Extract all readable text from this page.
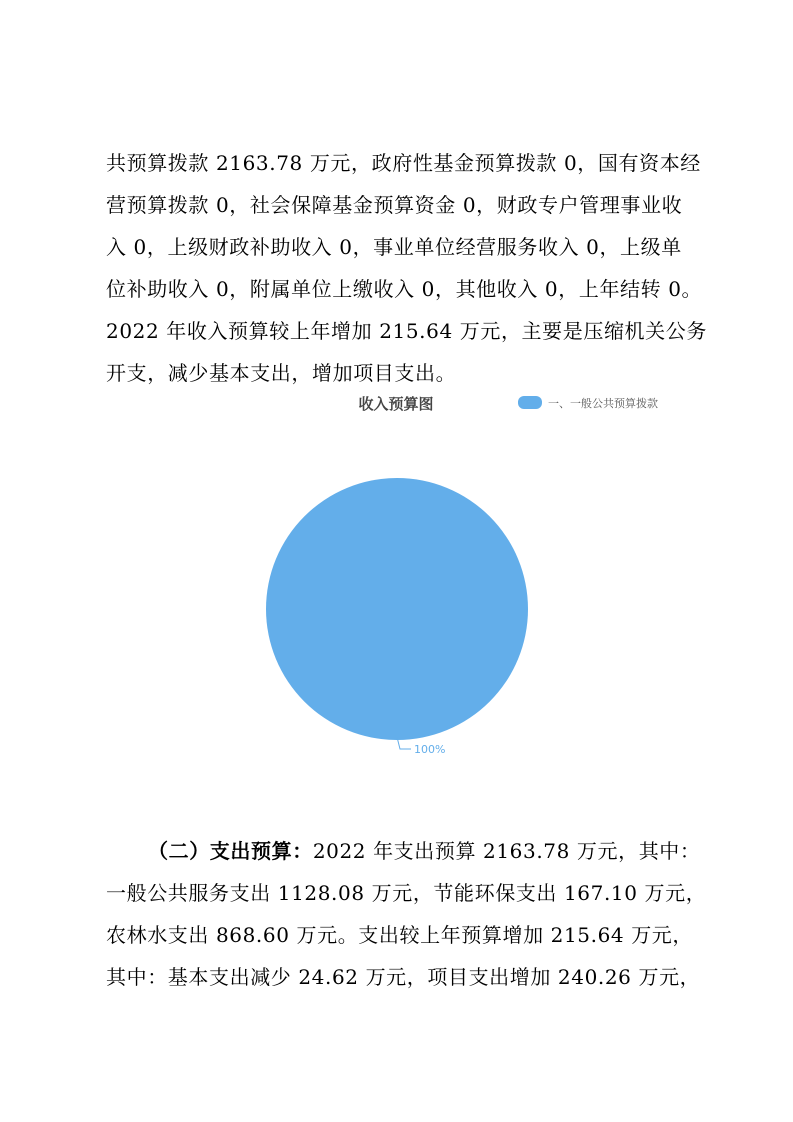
共预算拨款 2163.78 万元，政府性基金预算拨款 0，国有资本经
营预算拨款 0，社会保障基金预算资金 0，财政专户管理事业收
入 0，上级财政补助收入 0，事业单位经营服务收入 0，上级单
位补助收入 0，附属单位上缴收入 0，其他收入 0，上年结转 0。
2022 年收入预算较上年增加 215.64 万元，主要是压缩机关公务
开支，减少基本支出，增加项目支出。
收入预算图	一、一般公共预算拨款
100%
（二）支出预算：2022 年支出预算 2163.78 万元，其中：
一般公共服务支出 1128.08 万元，节能环保支出 167.10 万元，
农林水支出 868.60 万元。支出较上年预算增加 215.64 万元，
其中：基本支出减少 24.62 万元，项目支出增加 240.26 万元，
